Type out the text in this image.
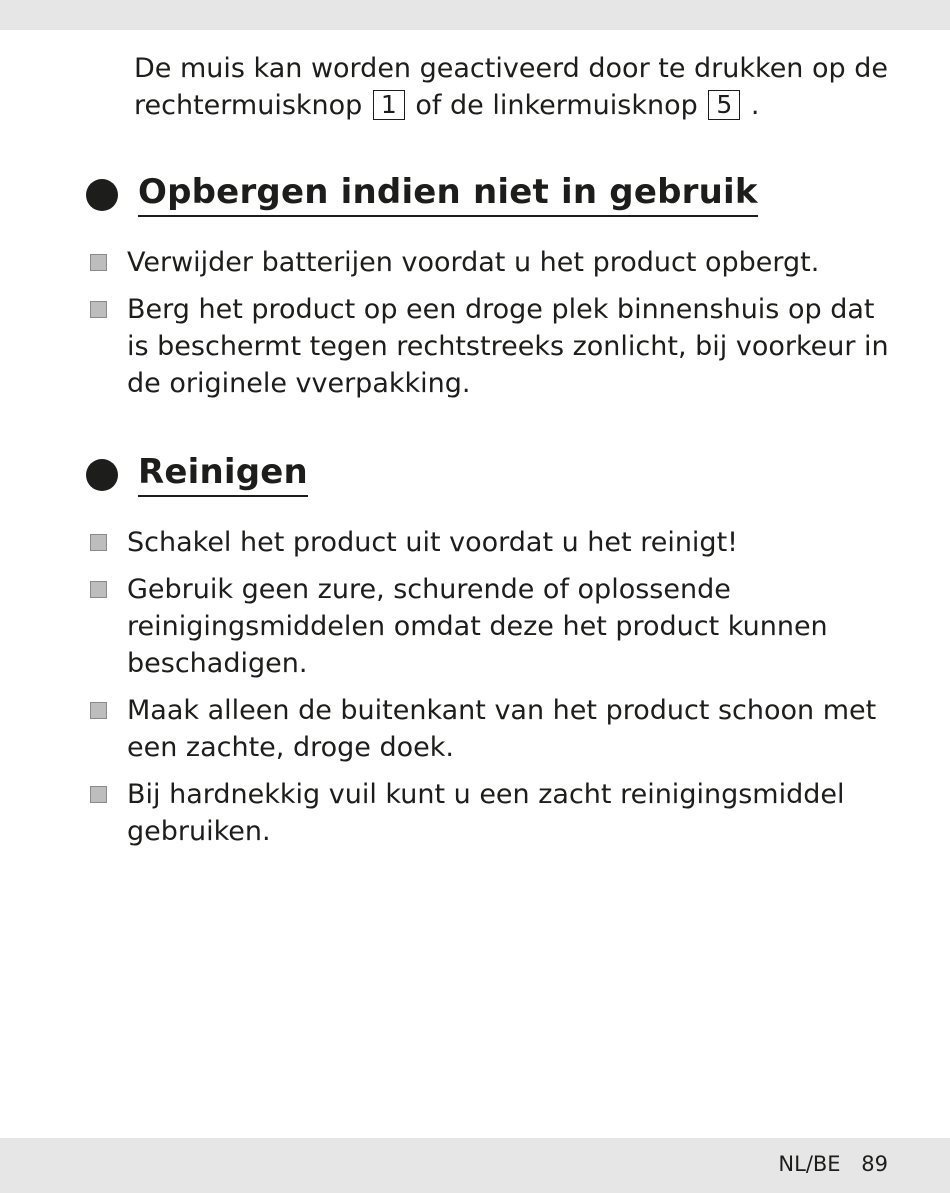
De muis kan worden geactiveerd door te drukken op de rechtermuisknop 1 of de linkermuisknop 5 .

Opbergen indien niet in gebruik
Verwijder batterijen voordat u het product opbergt.
Berg het product op een droge plek binnenshuis op dat is beschermt tegen rechtstreeks zonlicht, bij voorkeur in de originele vverpakking.
Reinigen
Schakel het product uit voordat u het reinigt!
Gebruik geen zure, schurende of oplossende reinigingsmiddelen omdat deze het product kunnen beschadigen.
Maak alleen de buitenkant van het product schoon met een zachte, droge doek.
Bij hardnekkig vuil kunt u een zacht reinigingsmiddel gebruiken.
NL/BE 89
